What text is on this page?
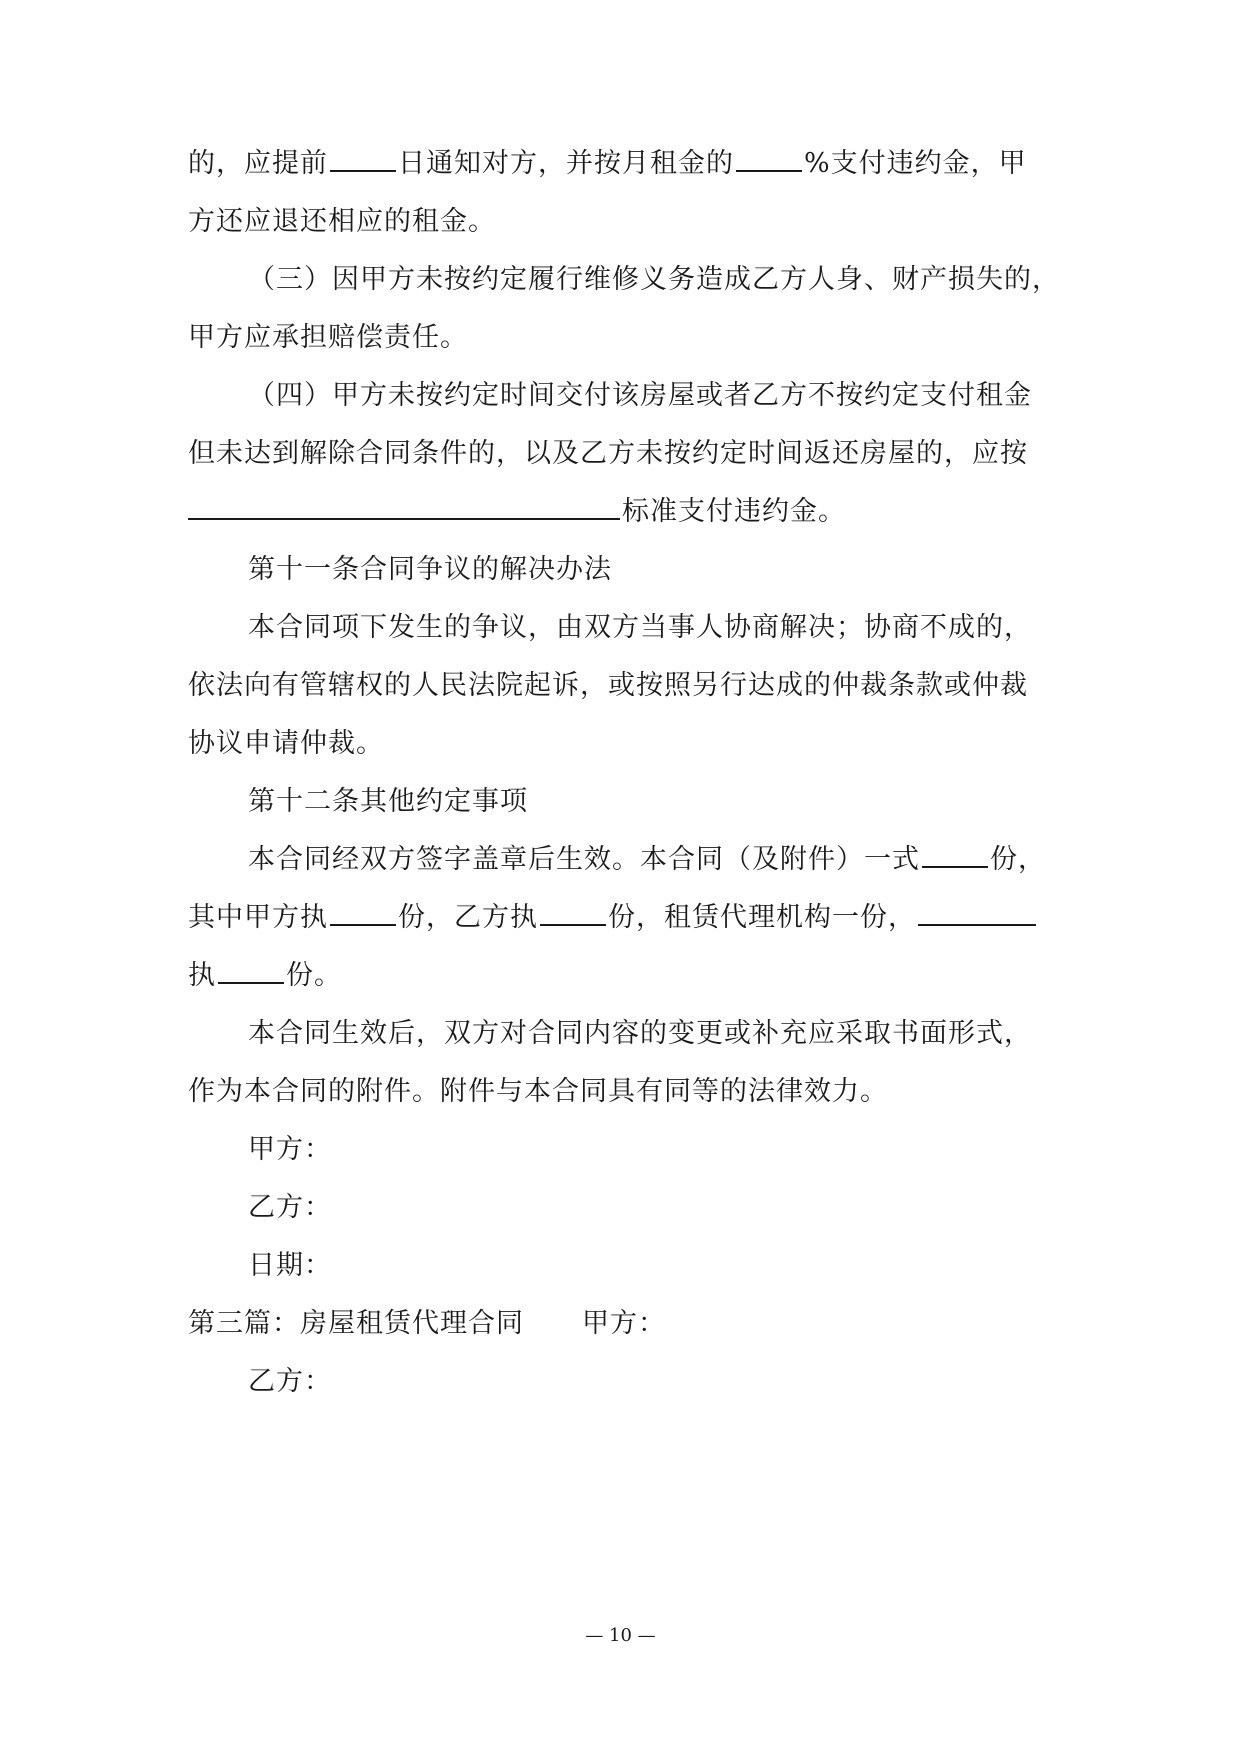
的，应提前	日通知对方，并按月租金的	%支付违约金，甲
方还应退还相应的租金。
（三）因甲方未按约定履行维修义务造成乙方人身、财产损失的，
甲方应承担赔偿责任。
（四）甲方未按约定时间交付该房屋或者乙方不按约定支付租金
但未达到解除合同条件的，以及乙方未按约定时间返还房屋的，应按
标准支付违约金。
第十一条合同争议的解决办法
本合同项下发生的争议，由双方当事人协商解决；协商不成的，
依法向有管辖权的人民法院起诉，或按照另行达成的仲裁条款或仲裁
协议申请仲裁。
第十二条其他约定事项
本合同经双方签字盖章后生效。本合同（及附件）一式	份，
其中甲方执	份，乙方执	份，租赁代理机构一份，
执	份。
本合同生效后，双方对合同内容的变更或补充应采取书面形式，
作为本合同的附件。附件与本合同具有同等的法律效力。
甲方：
乙方：
日期：
第三篇：房屋租赁代理合同 甲方：
乙方：
— 10 —
